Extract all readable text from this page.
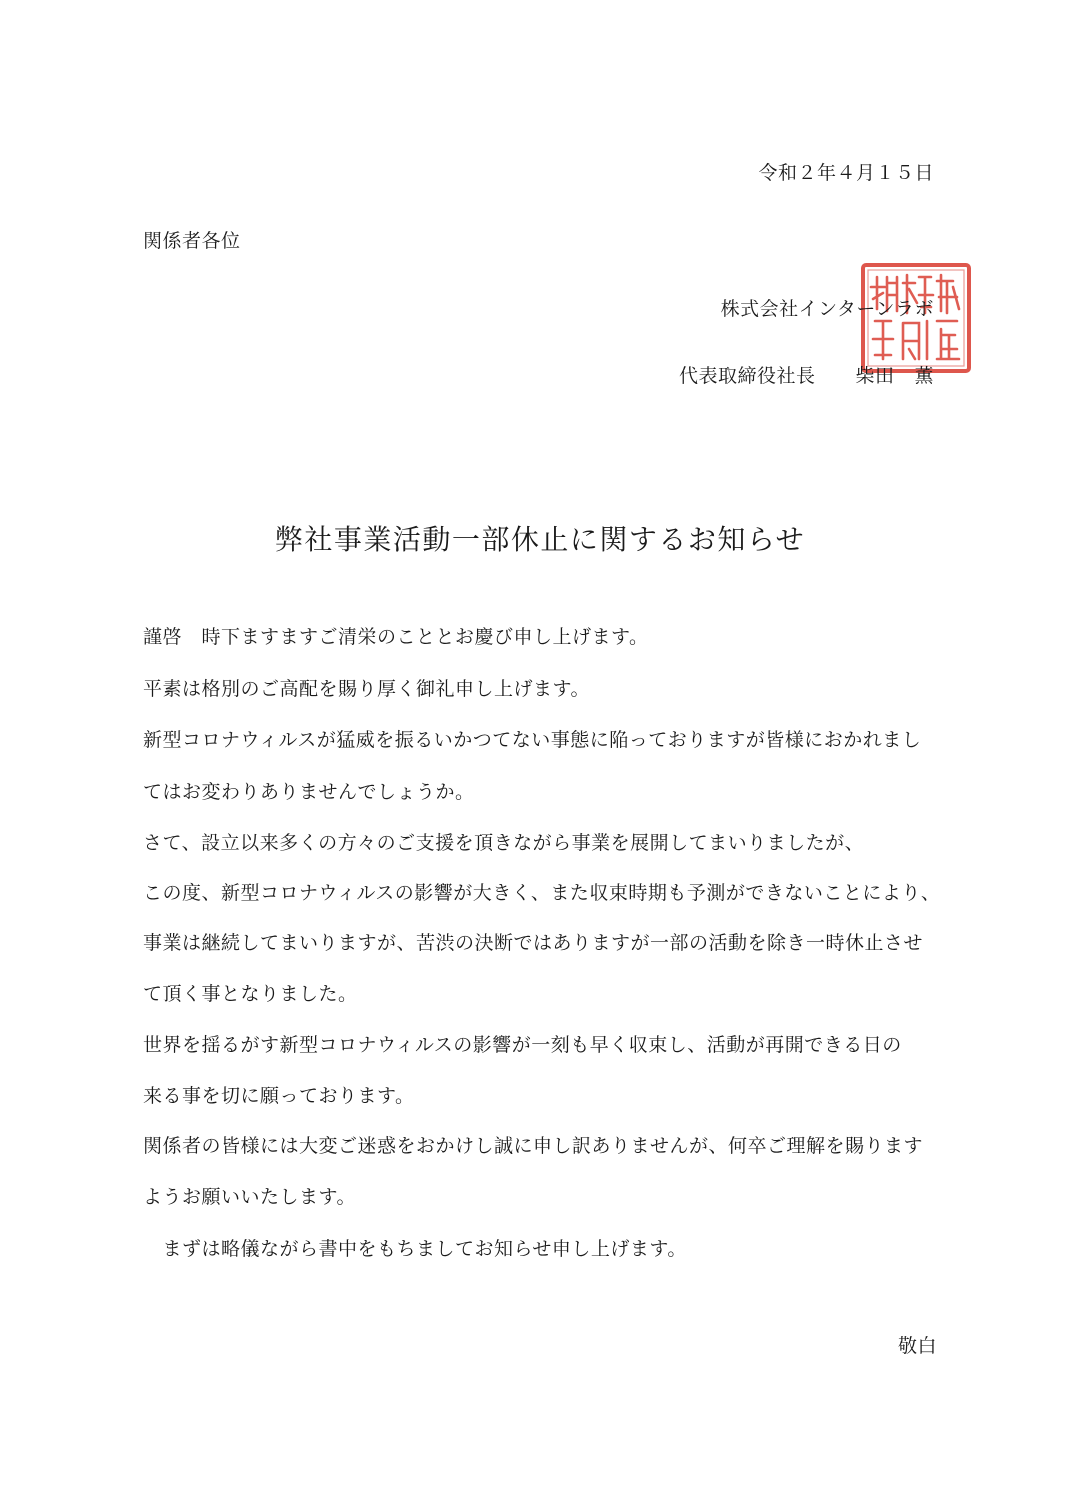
令和２年４月１５日
関係者各位
株式会社インターンラボ
代表取締役社長 柴田 薫
弊社事業活動一部休止に関するお知らせ
謹啓　時下ますますご清栄のこととお慶び申し上げます。
平素は格別のご高配を賜り厚く御礼申し上げます。
新型コロナウィルスが猛威を振るいかつてない事態に陥っておりますが皆様におかれまし
てはお変わりありませんでしょうか。
さて、設立以来多くの方々のご支援を頂きながら事業を展開してまいりましたが、
この度、新型コロナウィルスの影響が大きく、また収束時期も予測ができないことにより、
事業は継続してまいりますが、苦渋の決断ではありますが一部の活動を除き一時休止させ
て頂く事となりました。
世界を揺るがす新型コロナウィルスの影響が一刻も早く収束し、活動が再開できる日の
来る事を切に願っております。
関係者の皆様には大変ご迷惑をおかけし誠に申し訳ありませんが、何卒ご理解を賜ります
ようお願いいたします。
　まずは略儀ながら書中をもちましてお知らせ申し上げます。
敬白
